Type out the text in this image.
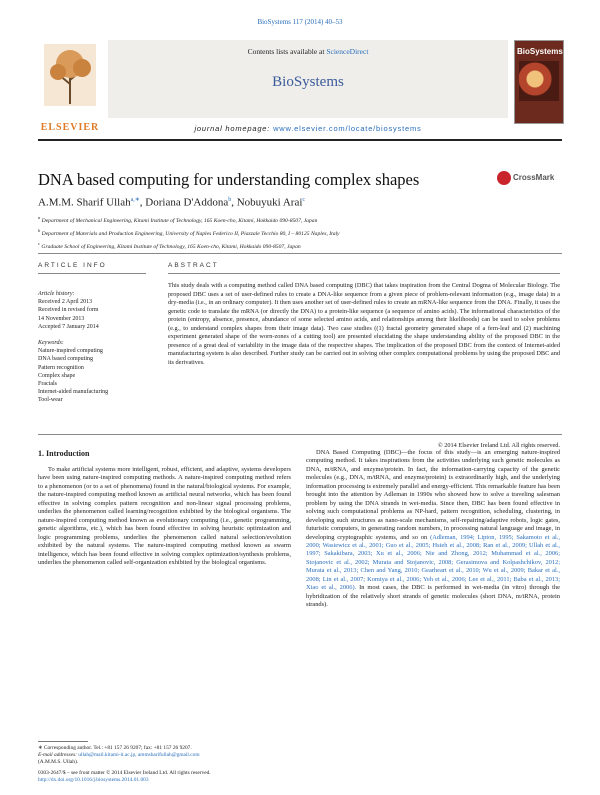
BioSystems 117 (2014) 40–53
ELSEVIER
Contents lists available at ScienceDirect
BioSystems
journal homepage: www.elsevier.com/locate/biosystems
BioSystems
DNA based computing for understanding complex shapes	CrossMark
A.M.M. Sharif Ullah$^{a,∗}$, Doriana D'Addona$^b$, Nobuyuki Arai$^c$
$^a$ Department of Mechanical Engineering, Kitami Institute of Technology, 165 Koen-cho, Kitami, Hokkaido 090-8507, Japan
$^b$ Department of Materials and Production Engineering, University of Naples Federico II, Piazzale Tecchio 80, I – 80125 Naples, Italy
$^c$ Graduate School of Engineering, Kitami Institute of Technology, 165 Koen-cho, Kitami, Hokkaido 090-8507, Japan
ARTICLE INFO	ABSTRACT
Article history:
Received 2 April 2013
Received in revised form
14 November 2013
Accepted 7 January 2014
Keywords:
Nature-inspired computing
DNA based computing
Pattern recognition
Complex shape
Fractals
Internet-aided manufacturing
Tool-wear
This study deals with a computing method called DNA based computing (DBC) that takes inspiration from the Central Dogma of Molecular Biology. The proposed DBC uses a set of user-defined rules to create a DNA-like sequence from a given piece of problem-relevant information (e.g., image data) in a dry-media (i.e., in an ordinary computer). It then uses another set of user-defined rules to create an mRNA-like sequence from the DNA. Finally, it uses the genetic code to translate the mRNA (or directly the DNA) to a protein-like sequence (a sequence of amino acids). The informational characteristics of the protein (entropy, absence, presence, abundance of some selected amino acids, and relationships among their likelihoods) can be used to solve problems (e.g., to understand complex shapes from their image data). Two case studies ((1) fractal geometry generated shape of a fern-leaf and (2) machining experiment generated shape of the worn-zones of a cutting tool) are presented elucidating the shape understanding ability of the proposed DBC in the presence of a great deal of variability in the image data of the respective shapes. The implication of the proposed DBC from the context of Internet-aided manufacturing system is also described. Further study can be carried out in solving other complex computational problems by using the proposed DBC and its derivatives.
© 2014 Elsevier Ireland Ltd. All rights reserved.
1. Introduction
To make artificial systems more intelligent, robust, efficient, and adaptive, systems developers have been using nature-inspired computing methods. A nature-inspired computing method refers to a phenomenon (or to a set of phenomena) found in the natural/biological systems. For example, the nature-inspired computing method known as artificial neural networks, which has been found effective in solving complex pattern recognition and non-linear signal processing problems, underlies the phenomenon called learning/recognition exhibited by the biological organisms. The nature-inspired computing method known as evolutionary computing (i.e., genetic programming, genetic algorithms, etc.), which has been found effective in solving heuristic optimization and logic programming problems, underlies the phenomenon called natural selection/evolution exhibited by the natural systems. The nature-inspired computing method known as swarm intelligence, which has been found effective in solving complex optimization/synthesis problems, underlies the phenomenon called self-organization exhibited by the biological organisms.
DNA Based Computing (DBC)—the focus of this study—is an emerging nature-inspired computing method. It takes inspirations from the activities underlying such genetic molecules as DNA, m/tRNA, and enzyme/protein. In fact, the information-carrying capacity of the genetic molecules (e.g., DNA, m/tRNA, and enzyme/protein) is extraordinarily high, and the underlying information processing is extremely parallel and energy-efficient. This remarkable feature has been brought into the attention by Adleman in 1990s who showed how to solve a traveling salesman problem by using the DNA strands in wet-media. Since then, DBC has been found effective in solving such computational problems as NP-hard, pattern recognition, scheduling, clustering, in developing such structures as nano-scale mechanisms, self-repairing/adaptive robots, logic gates, futuristic computers, in generating random numbers, in processing natural language and image, in developing cryptographic systems, and so on (Adleman, 1994; Lipton, 1995; Sakamoto et al., 2000; Wasiewicz et al., 2001; Guo et al., 2005; Hsieh et al., 2008; Ran et al., 2009; Ullah et al., 1997; Sakakibara, 2003; Xu et al., 2006; Nie and Zhong, 2012; Muhammad et al., 2006; Stojanovic et al., 2002; Murata and Stojanovic, 2008; Gerasimova and Kolpashchikov, 2012; Murata et al., 2013; Chen and Yang, 2010; Gearheart et al., 2010; Wu et al., 2009; Bakar et al., 2008; Lin et al., 2007; Komiya et al., 2006; Yeh et al., 2006; Lee et al., 2011; Baba et al., 2013; Xiao et al., 2006). In most cases, the DBC is performed in wet-media (in vitro) through the hybridization of the relatively short strands of genetic molecules (short DNA, m/tRNA, protein strands).
∗ Corresponding author. Tel.: +81 157 26 9207; fax: +81 157 26 9207.
E-mail addresses: ullah@mail.kitami-it.ac.jp, ammsharifullah@gmail.com
(A.M.M.S. Ullah).
0303-2647/$ – see front matter © 2014 Elsevier Ireland Ltd. All rights reserved.
http://dx.doi.org/10.1016/j.biosystems.2014.01.003
